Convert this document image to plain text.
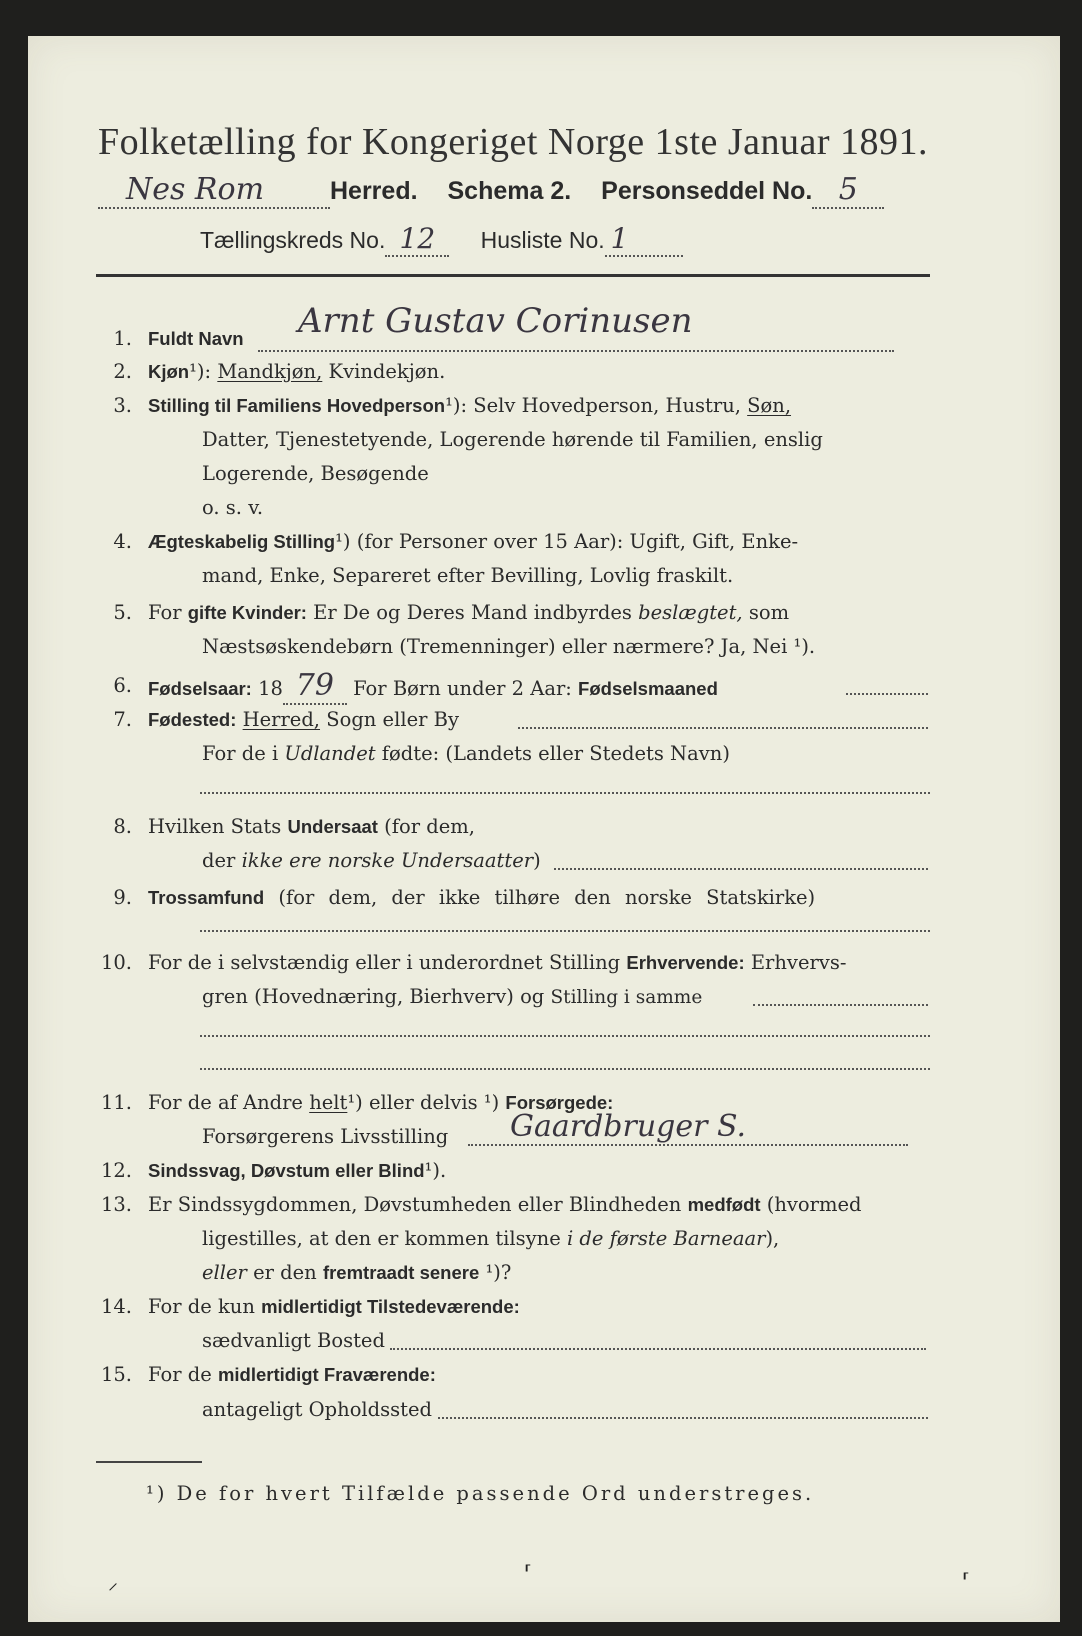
Folketælling for Kongeriget Norge 1ste Januar 1891.
Nes Rom	Herred. Schema 2. Personseddel No. 5
Tællingskreds No. 12 Husliste No. 1
1. Fuldt Navn Arnt Gustav Corinusen
2. Kjøn¹): Mandkjøn, Kvindekjøn.
3. Stilling til Familiens Hovedperson¹): Selv Hovedperson, Hustru, Søn,
Datter, Tjenestetyende, Logerende hørende til Familien, enslig
Logerende, Besøgende
o. s. v.
4. Ægteskabelig Stilling¹) (for Personer over 15 Aar): Ugift, Gift, Enke-
mand, Enke, Separeret efter Bevilling, Lovlig fraskilt.
5. For gifte Kvinder: Er De og Deres Mand indbyrdes beslægtet, som
Næstsøskendebørn (Tremenninger) eller nærmere? Ja, Nei ¹).
6. Fødselsaar: 18 79 For Børn under 2 Aar: Fødselsmaaned
7. Fødested: Herred, Sogn eller By
For de i Udlandet fødte: (Landets eller Stedets Navn)
8. Hvilken Stats Undersaat (for dem,
der ikke ere norske Undersaatter)
9. Trossamfund (for dem, der ikke tilhøre den norske Statskirke)
10. For de i selvstændig eller i underordnet Stilling Erhvervende: Erhvervs-
gren (Hovednæring, Bierhverv) og Stilling i samme
11. For de af Andre helt¹) eller delvis ¹) Forsørgede:
Forsørgerens Livsstilling Gaardbruger S.
12. Sindssvag, Døvstum eller Blind¹).
13. Er Sindssygdommen, Døvstumheden eller Blindheden medfødt (hvormed
ligestilles, at den er kommen tilsyne i de første Barneaar),
eller er den fremtraadt senere ¹)?
14. For de kun midlertidigt Tilstedeværende:
sædvanligt Bosted
15. For de midlertidigt Fraværende:
antageligt Opholdssted
¹) De for hvert Tilfælde passende Ord understreges.
⸝	⸢	⸢
